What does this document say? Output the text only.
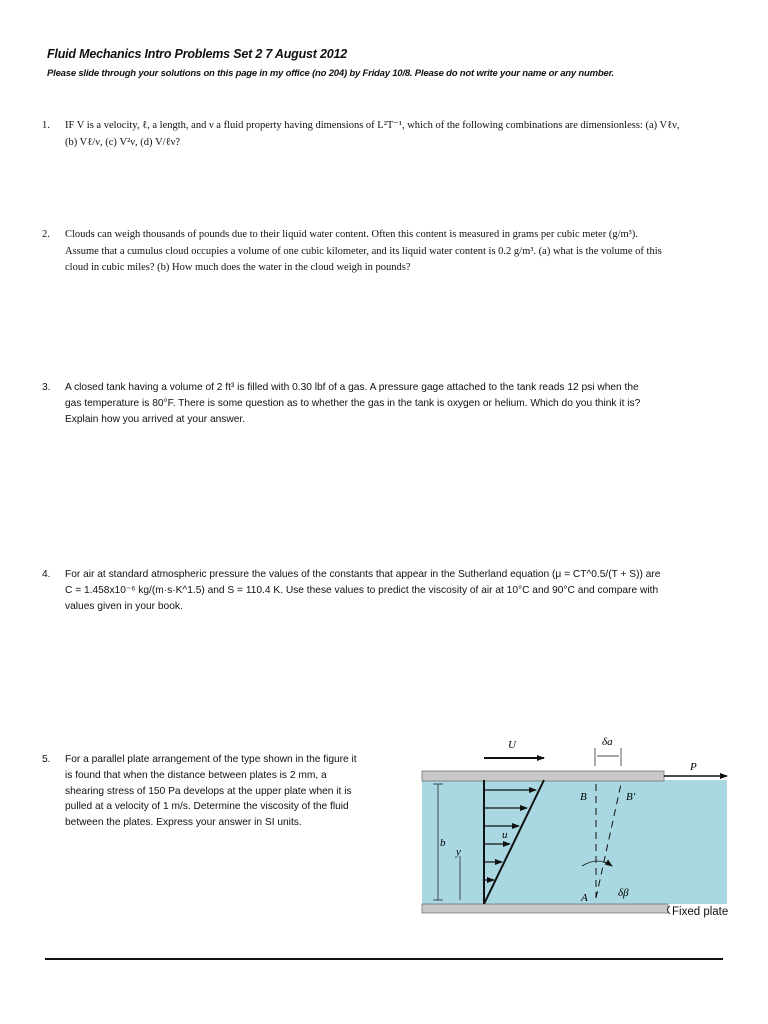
Fluid Mechanics Intro Problems Set 2 7 August 2012
Please slide through your solutions on this page in my office (no 204) by Friday 10/8. Please do not write your name or any number.
1. IF V is a velocity, ℓ, a length, and ν a fluid property having dimensions of L²T⁻¹, which of the following combinations are dimensionless: (a) Vℓν,
(b) Vℓ/ν, (c) V²ν, (d) V/ℓν?
2. Clouds can weigh thousands of pounds due to their liquid water content. Often this content is measured in grams per cubic meter (g/m³).
Assume that a cumulus cloud occupies a volume of one cubic kilometer, and its liquid water content is 0.2 g/m³. (a) what is the volume of this
cloud in cubic miles? (b) How much does the water in the cloud weigh in pounds?
3. A closed tank having a volume of 2 ft³ is filled with 0.30 lbf of a gas. A pressure gage attached to the tank reads 12 psi when the
gas temperature is 80°F. There is some question as to whether the gas in the tank is oxygen or helium. Which do you think it is?
Explain how you arrived at your answer.
4. For air at standard atmospheric pressure the values of the constants that appear in the Sutherland equation (μ = CT^0.5/(T + S)) are
C = 1.458x10⁻⁶ kg/(m·s·K^1.5) and S = 110.4 K. Use these values to predict the viscosity of air at 10°C and 90°C and compare with
values given in your book.
5. For a parallel plate arrangement of the type shown in the figure it
is found that when the distance between plates is 2 mm, a
shearing stress of 150 Pa develops at the upper plate when it is
pulled at a velocity of 1 m/s. Determine the viscosity of the fluid
between the plates. Express your answer in SI units.
U	δa
P
u
b
y
B	B'
A	δβ
Fixed plate
